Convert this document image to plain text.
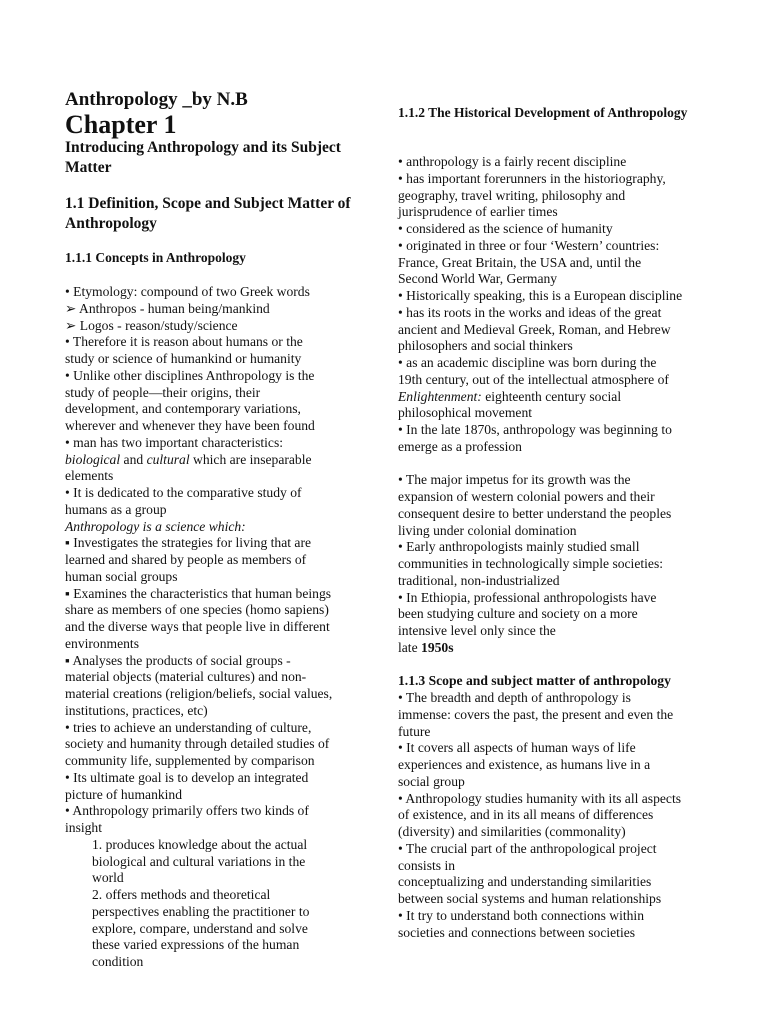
Anthropology _by N.B
Chapter 1
Introducing Anthropology and its Subject Matter
1.1 Definition, Scope and Subject Matter of Anthropology
1.1.1 Concepts in Anthropology
• Etymology: compound of two Greek words
➢ Anthropos - human being/mankind
➢ Logos - reason/study/science
• Therefore it is reason about humans or the
study or science of humankind or humanity
• Unlike other disciplines Anthropology is the
study of people—their origins, their
development, and contemporary variations,
wherever and whenever they have been found
• man has two important characteristics:
biological and cultural which are inseparable
elements
• It is dedicated to the comparative study of
humans as a group
Anthropology is a science which:
▪ Investigates the strategies for living that are
learned and shared by people as members of
human social groups
▪ Examines the characteristics that human beings
share as members of one species (homo sapiens)
and the diverse ways that people live in different
environments
▪ Analyses the products of social groups -
material objects (material cultures) and non-
material creations (religion/beliefs, social values,
institutions, practices, etc)
• tries to achieve an understanding of culture,
society and humanity through detailed studies of
community life, supplemented by comparison
• Its ultimate goal is to develop an integrated
picture of humankind
• Anthropology primarily offers two kinds of
insight
1. produces knowledge about the actual
biological and cultural variations in the
world
2. offers methods and theoretical
perspectives enabling the practitioner to
explore, compare, understand and solve
these varied expressions of the human
condition
1.1.2 The Historical Development of Anthropology
• anthropology is a fairly recent discipline
• has important forerunners in the historiography,
geography, travel writing, philosophy and
jurisprudence of earlier times
• considered as the science of humanity
• originated in three or four ‘Western’ countries:
France, Great Britain, the USA and, until the
Second World War, Germany
• Historically speaking, this is a European discipline
• has its roots in the works and ideas of the great
ancient and Medieval Greek, Roman, and Hebrew
philosophers and social thinkers
• as an academic discipline was born during the
19th century, out of the intellectual atmosphere of
Enlightenment: eighteenth century social
philosophical movement
• In the late 1870s, anthropology was beginning to
emerge as a profession
• The major impetus for its growth was the
expansion of western colonial powers and their
consequent desire to better understand the peoples
living under colonial domination
• Early anthropologists mainly studied small
communities in technologically simple societies:
traditional, non-industrialized
• In Ethiopia, professional anthropologists have
been studying culture and society on a more
intensive level only since the
late 1950s
1.1.3 Scope and subject matter of anthropology
• The breadth and depth of anthropology is
immense: covers the past, the present and even the
future
• It covers all aspects of human ways of life
experiences and existence, as humans live in a
social group
• Anthropology studies humanity with its all aspects
of existence, and in its all means of differences
(diversity) and similarities (commonality)
• The crucial part of the anthropological project
consists in
conceptualizing and understanding similarities
between social systems and human relationships
• It try to understand both connections within
societies and connections between societies
